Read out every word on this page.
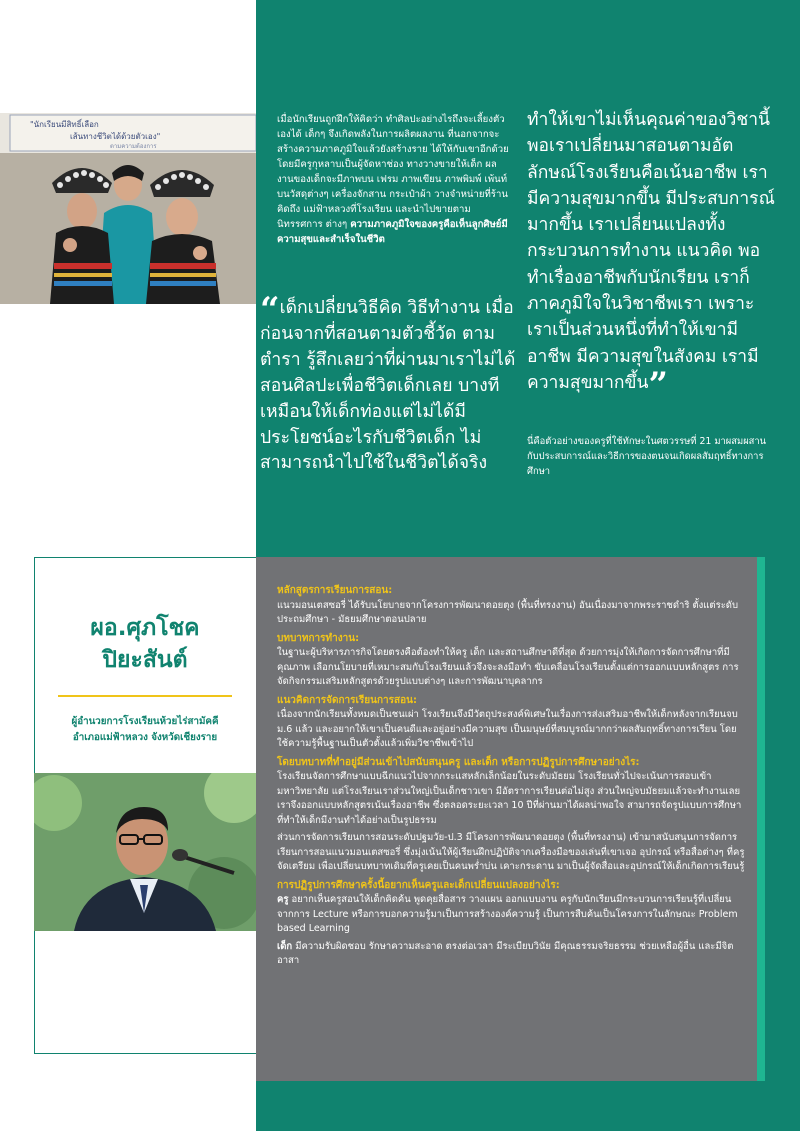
"นักเรียนมีสิทธิ์เลือก
เส้นทางชีวิตได้ด้วยตัวเอง"
ตามความต้องการ
เมื่อนักเรียนถูกฝึกให้คิดว่า ทำศิลปะอย่างไรถึงจะเลี้ยงตัวเองได้ เด็กๆ จึงเกิดพลังในการผลิตผลงาน ที่นอกจากจะสร้างความภาคภูมิใจแล้วยังสร้างราย ได้ให้กับเขาอีกด้วย โดยมีครูกุหลาบเป็นผู้จัดหาช่อง ทางวางขายให้เด็ก ผลงานของเด็กจะมีภาพบน เฟรม ภาพเขียน ภาพพิมพ์ เพ้นท์บนวัสดุต่างๆ เครื่องจักสาน กระเป๋าผ้า วางจำหน่ายที่ร้านคิดถึง แม่ฟ้าหลวงที่โรงเรียน และนำไปขายตามนิทรรศการ ต่างๆ ความภาคภูมิใจของครูคือเห็นลูกศิษย์มีความสุขและสำเร็จในชีวิต
“เด็กเปลี่ยนวิธีคิด วิธีทำงาน เมื่อก่อนจากที่สอนตามตัวชี้วัด ตามตำรา รู้สึกเลยว่าที่ผ่านมาเราไม่ได้สอนศิลปะเพื่อชีวิตเด็กเลย บางทีเหมือนให้เด็กท่องแต่ไม่ได้มีประโยชน์อะไรกับชีวิตเด็ก ไม่สามารถนำไปใช้ในชีวิตได้จริง
ทำให้เขาไม่เห็นคุณค่าของวิชานี้ พอเราเปลี่ยนมาสอนตามอัตลักษณ์โรงเรียนคือเน้นอาชีพ เรามีความสุขมากขึ้น มีประสบการณ์มากขึ้น เราเปลี่ยนแปลงทั้งกระบวนการทำงาน แนวคิด พอทำเรื่องอาชีพกับนักเรียน เราก็ภาคภูมิใจในวิชาชีพเรา เพราะเราเป็นส่วนหนึ่งที่ทำให้เขามีอาชีพ มีความสุขในสังคม เรามีความสุขมากขึ้น”
นี่คือตัวอย่างของครูที่ใช้ทักษะในศตวรรษที่ 21 มาผสมผสานกับประสบการณ์และวิธีการของตนจนเกิดผลสัมฤทธิ์ทางการศึกษา
ผอ.ศุภโชค
ปิยะสันต์
ผู้อำนวยการโรงเรียนห้วยไร่สามัคคี
อำเภอแม่ฟ้าหลวง จังหวัดเชียงราย
หลักสูตรการเรียนการสอน:

แนวมอนเตสซอรี่ ได้รับนโยบายจากโครงการพัฒนาดอยตุง (พื้นที่ทรงงาน) อันเนื่องมาจากพระราชดำริ ตั้งแต่ระดับประถมศึกษา - มัธยมศึกษาตอนปลาย

บทบาทการทำงาน:

ในฐานะผู้บริหารภารกิจโดยตรงคือต้องทำให้ครู เด็ก และสถานศึกษาดีที่สุด ด้วยการมุ่งให้เกิดการจัดการศึกษาที่มีคุณภาพ เลือกนโยบายที่เหมาะสมกับโรงเรียนแล้วจึงจะลงมือทำ ขับเคลื่อนโรงเรียนตั้งแต่การออกแบบหลักสูตร การจัดกิจกรรมเสริมหลักสูตรด้วยรูปแบบต่างๆ และการพัฒนาบุคลากร

แนวคิดการจัดการเรียนการสอน:

เนื่องจากนักเรียนทั้งหมดเป็นชนเผ่า โรงเรียนจึงมีวัตถุประสงค์พิเศษในเรื่องการส่งเสริมอาชีพให้เด็กหลังจากเรียนจบ ม.6 แล้ว และอยากให้เขาเป็นคนดีและอยู่อย่างมีความสุข เป็นมนุษย์ที่สมบูรณ์มากกว่าผลสัมฤทธิ์ทางการเรียน โดยใช้ความรู้พื้นฐานเป็นตัวตั้งแล้วเพิ่มวิชาชีพเข้าไป

โดยบทบาทที่ทำอยู่มีส่วนเข้าไปสนับสนุนครู และเด็ก หรือการปฏิรูปการศึกษาอย่างไร:

โรงเรียนจัดการศึกษาแบบฉีกแนวไปจากกระแสหลักเล็กน้อยในระดับมัธยม โรงเรียนทั่วไปจะเน้นการสอบเข้ามหาวิทยาลัย แต่โรงเรียนเราส่วนใหญ่เป็นเด็กชาวเขา มีอัตราการเรียนต่อไม่สูง ส่วนใหญ่จบมัธยมแล้วจะทำงานเลย เราจึงออกแบบหลักสูตรเน้นเรื่องอาชีพ ซึ่งตลอดระยะเวลา 10 ปีที่ผ่านมาได้ผลน่าพอใจ สามารถจัดรูปแบบการศึกษาที่ทำให้เด็กมีงานทำได้อย่างเป็นรูปธรรม

ส่วนการจัดการเรียนการสอนระดับปฐมวัย-ป.3 มีโครงการพัฒนาดอยตุง (พื้นที่ทรงงาน) เข้ามาสนับสนุนการจัดการเรียนการสอนแนวมอนเตสซอรี่ ซึ่งมุ่งเน้นให้ผู้เรียนฝึกปฏิบัติจากเครื่องมือของเล่นที่เขาเจอ อุปกรณ์ หรือสื่อต่างๆ ที่ครูจัดเตรียม เพื่อเปลี่ยนบทบาทเดิมที่ครูเคยเป็นคนพร่ำบ่น เคาะกระดาน มาเป็นผู้จัดสื่อและอุปกรณ์ให้เด็กเกิดการเรียนรู้

การปฏิรูปการศึกษาครั้งนี้อยากเห็นครูและเด็กเปลี่ยนแปลงอย่างไร:

ครู อยากเห็นครูสอนให้เด็กคิดค้น พูดคุยสื่อสาร วางแผน ออกแบบงาน ครูกับนักเรียนมีกระบวนการเรียนรู้ที่เปลี่ยนจากการ Lecture หรือการบอกความรู้มาเป็นการสร้างองค์ความรู้ เป็นการสืบค้นเป็นโครงการในลักษณะ Problem based Learning

เด็ก มีความรับผิดชอบ รักษาความสะอาด ตรงต่อเวลา มีระเบียบวินัย มีคุณธรรมจริยธรรม ช่วยเหลือผู้อื่น และมีจิตอาสา
